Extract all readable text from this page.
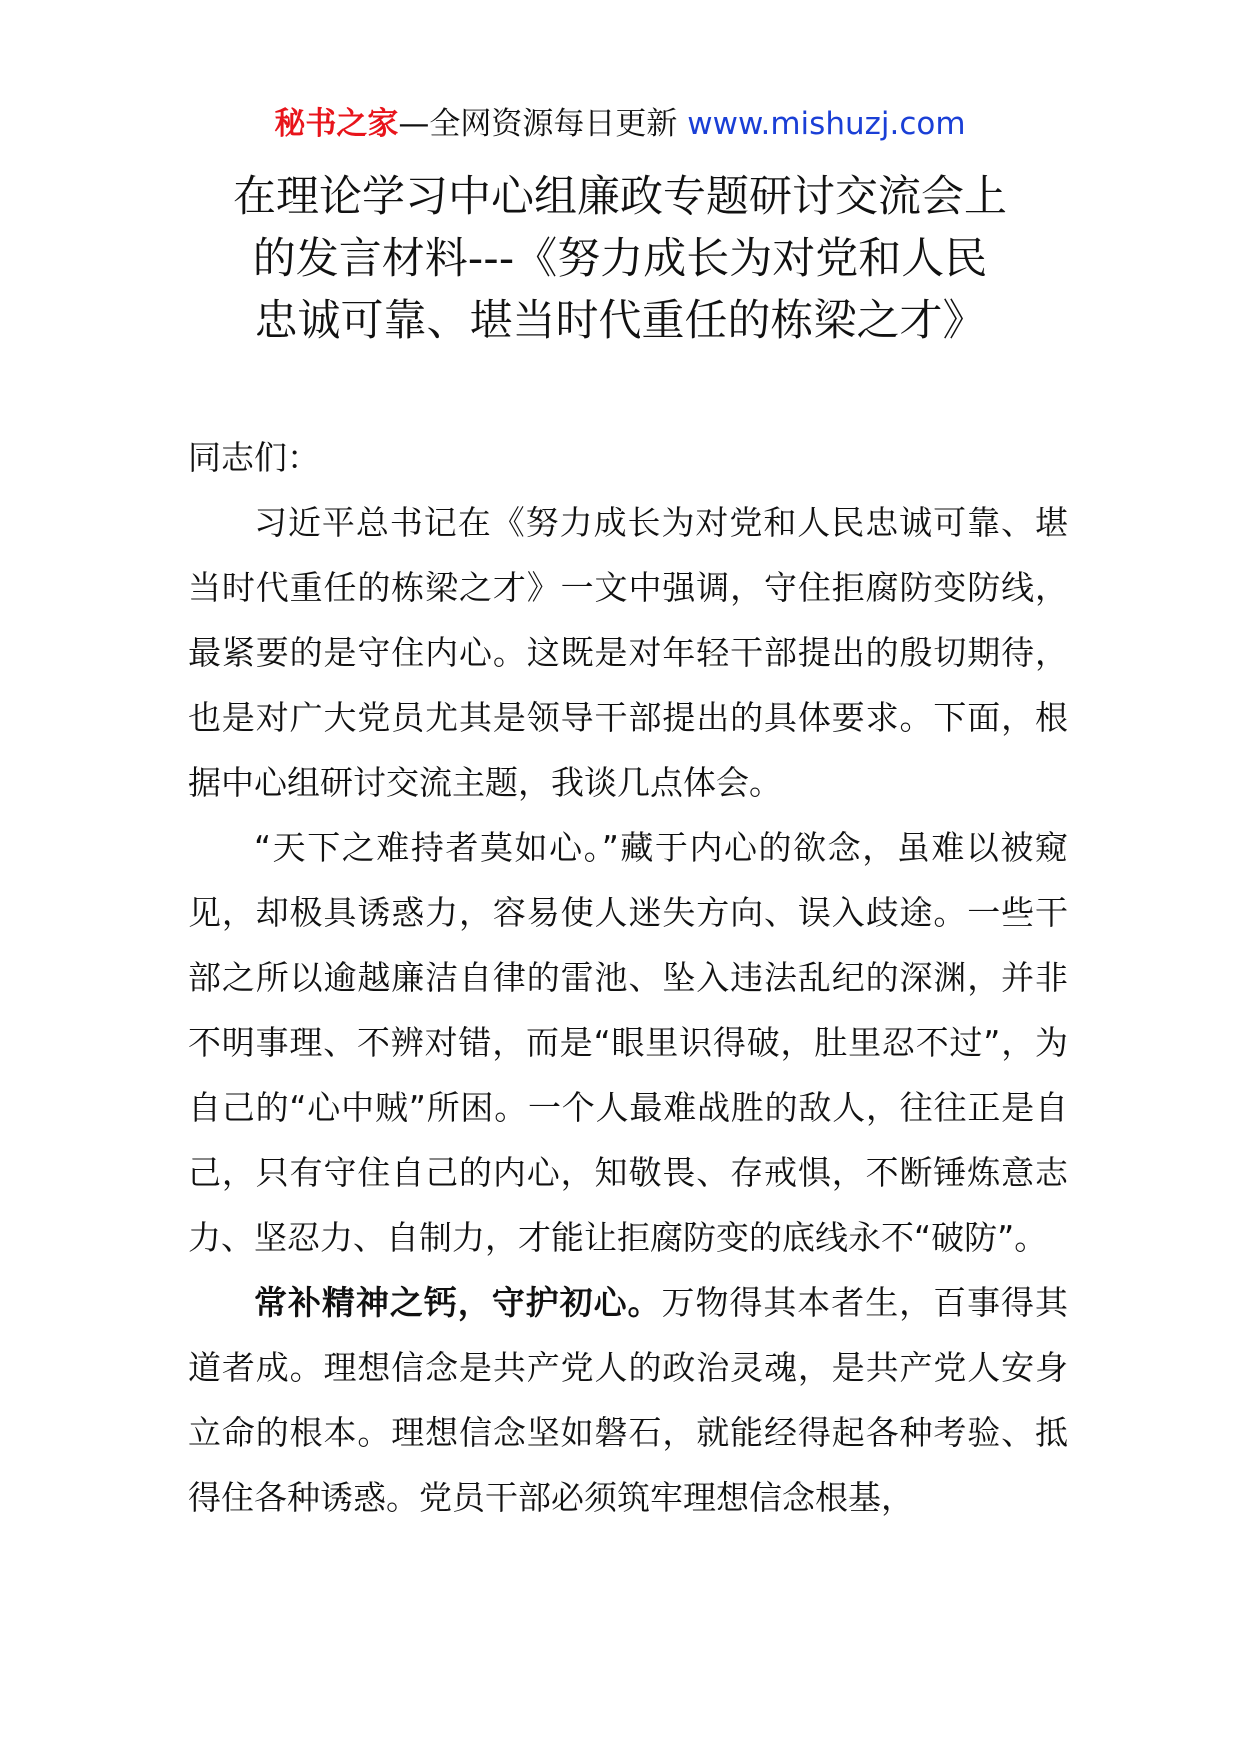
秘书之家—全网资源每日更新 www.mishuzj.com
在理论学习中心组廉政专题研讨交流会上
的发言材料---《努力成长为对党和人民
忠诚可靠、堪当时代重任的栋梁之才》

同志们：

习近平总书记在《努力成长为对党和人民忠诚可靠、堪当时代重任的栋梁之才》一文中强调，守住拒腐防变防线，最紧要的是守住内心。这既是对年轻干部提出的殷切期待，也是对广大党员尤其是领导干部提出的具体要求。下面，根据中心组研讨交流主题，我谈几点体会。

“天下之难持者莫如心。”藏于内心的欲念，虽难以被窥见，却极具诱惑力，容易使人迷失方向、误入歧途。一些干部之所以逾越廉洁自律的雷池、坠入违法乱纪的深渊，并非不明事理、不辨对错，而是“眼里识得破，肚里忍不过”，为自己的“心中贼”所困。一个人最难战胜的敌人，往往正是自己，只有守住自己的内心，知敬畏、存戒惧，不断锤炼意志力、坚忍力、自制力，才能让拒腐防变的底线永不“破防”。

常补精神之钙，守护初心。万物得其本者生，百事得其道者成。理想信念是共产党人的政治灵魂，是共产党人安身立命的根本。理想信念坚如磐石，就能经得起各种考验、抵得住各种诱惑。党员干部必须筑牢理想信念根基，
